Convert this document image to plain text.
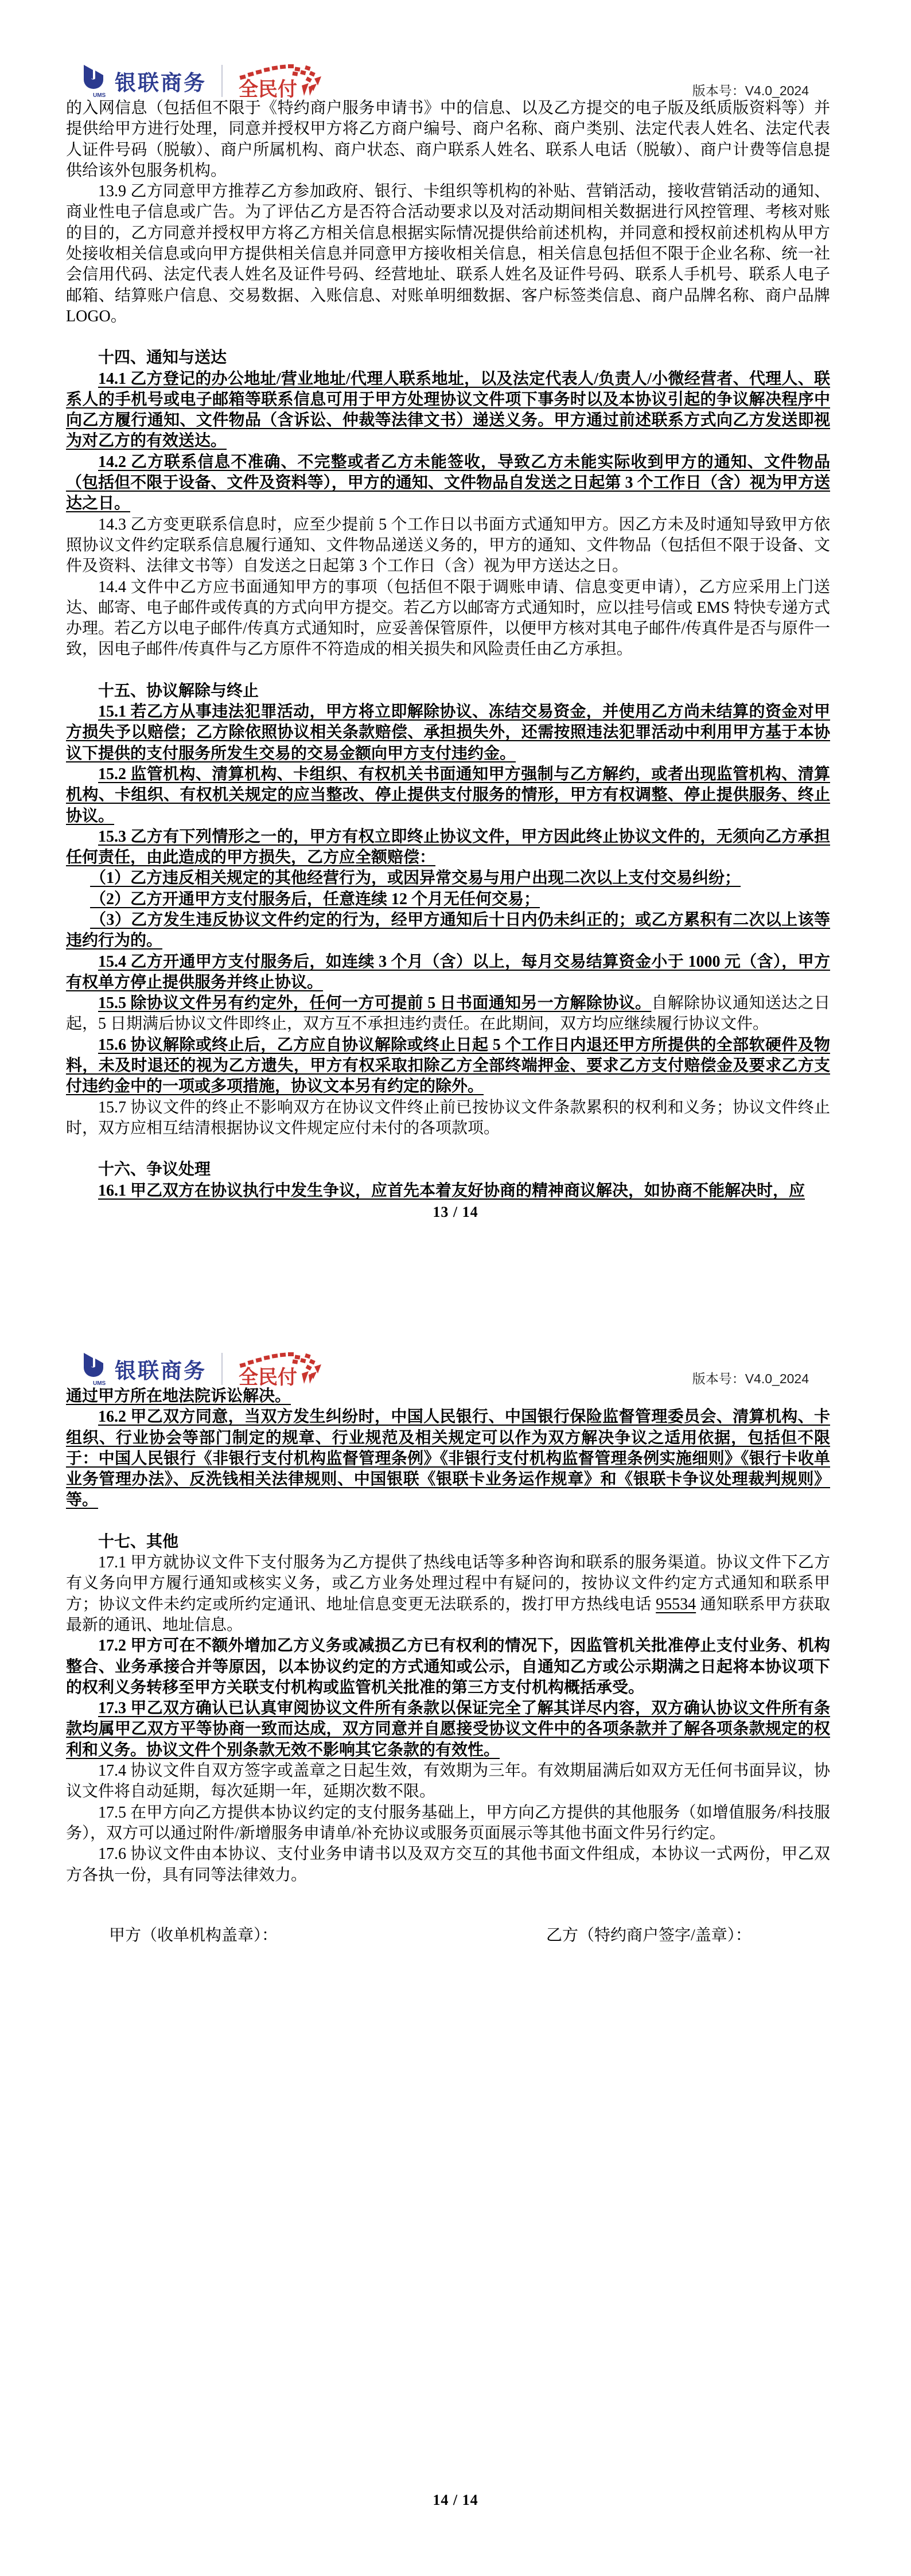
UMS
银联商务 全民付	版本号：V4.0_2024

的入网信息（包括但不限于《特约商户服务申请书》中的信息、以及乙方提交的电子版及纸质版资料等）并提供给甲方进行处理，同意并授权甲方将乙方商户编号、商户名称、商户类别、法定代表人姓名、法定代表人证件号码（脱敏）、商户所属机构、商户状态、商户联系人姓名、联系人电话（脱敏）、商户计费等信息提供给该外包服务机构。

13.9 乙方同意甲方推荐乙方参加政府、银行、卡组织等机构的补贴、营销活动，接收营销活动的通知、商业性电子信息或广告。为了评估乙方是否符合活动要求以及对活动期间相关数据进行风控管理、考核对账的目的，乙方同意并授权甲方将乙方相关信息根据实际情况提供给前述机构，并同意和授权前述机构从甲方处接收相关信息或向甲方提供相关信息并同意甲方接收相关信息，相关信息包括但不限于企业名称、统一社会信用代码、法定代表人姓名及证件号码、经营地址、联系人姓名及证件号码、联系人手机号、联系人电子邮箱、结算账户信息、交易数据、入账信息、对账单明细数据、客户标签类信息、商户品牌名称、商户品牌 LOGO。

十四、通知与送达

14.1 乙方登记的办公地址/营业地址/代理人联系地址，以及法定代表人/负责人/小微经营者、代理人、联系人的手机号或电子邮箱等联系信息可用于甲方处理协议文件项下事务时以及本协议引起的争议解决程序中向乙方履行通知、文件物品（含诉讼、仲裁等法律文书）递送义务。甲方通过前述联系方式向乙方发送即视为对乙方的有效送达。

14.2 乙方联系信息不准确、不完整或者乙方未能签收，导致乙方未能实际收到甲方的通知、文件物品（包括但不限于设备、文件及资料等），甲方的通知、文件物品自发送之日起第 3 个工作日（含）视为甲方送达之日。

14.3 乙方变更联系信息时，应至少提前 5 个工作日以书面方式通知甲方。因乙方未及时通知导致甲方依照协议文件约定联系信息履行通知、文件物品递送义务的，甲方的通知、文件物品（包括但不限于设备、文件及资料、法律文书等）自发送之日起第 3 个工作日（含）视为甲方送达之日。

14.4 文件中乙方应书面通知甲方的事项（包括但不限于调账申请、信息变更申请），乙方应采用上门送达、邮寄、电子邮件或传真的方式向甲方提交。若乙方以邮寄方式通知时，应以挂号信或 EMS 特快专递方式办理。若乙方以电子邮件/传真方式通知时，应妥善保管原件，以便甲方核对其电子邮件/传真件是否与原件一致，因电子邮件/传真件与乙方原件不符造成的相关损失和风险责任由乙方承担。

十五、协议解除与终止

15.1 若乙方从事违法犯罪活动，甲方将立即解除协议、冻结交易资金，并使用乙方尚未结算的资金对甲方损失予以赔偿；乙方除依照协议相关条款赔偿、承担损失外，还需按照违法犯罪活动中利用甲方基于本协议下提供的支付服务所发生交易的交易金额向甲方支付违约金。

15.2 监管机构、清算机构、卡组织、有权机关书面通知甲方强制与乙方解约，或者出现监管机构、清算机构、卡组织、有权机关规定的应当整改、停止提供支付服务的情形，甲方有权调整、停止提供服务、终止协议。

15.3 乙方有下列情形之一的，甲方有权立即终止协议文件，甲方因此终止协议文件的，无须向乙方承担任何责任，由此造成的甲方损失，乙方应全额赔偿：

（1）乙方违反相关规定的其他经营行为，或因异常交易与用户出现二次以上支付交易纠纷；

（2）乙方开通甲方支付服务后，任意连续 12 个月无任何交易；

（3）乙方发生违反协议文件约定的行为，经甲方通知后十日内仍未纠正的；或乙方累积有二次以上该等违约行为的。

15.4 乙方开通甲方支付服务后，如连续 3 个月（含）以上，每月交易结算资金小于 1000 元（含），甲方有权单方停止提供服务并终止协议。

15.5 除协议文件另有约定外，任何一方可提前 5 日书面通知另一方解除协议。自解除协议通知送达之日起，5 日期满后协议文件即终止，双方互不承担违约责任。在此期间，双方均应继续履行协议文件。

15.6 协议解除或终止后，乙方应自协议解除或终止日起 5 个工作日内退还甲方所提供的全部软硬件及物料，未及时退还的视为乙方遗失，甲方有权采取扣除乙方全部终端押金、要求乙方支付赔偿金及要求乙方支付违约金中的一项或多项措施，协议文本另有约定的除外。

15.7 协议文件的终止不影响双方在协议文件终止前已按协议文件条款累积的权利和义务；协议文件终止时，双方应相互结清根据协议文件规定应付未付的各项款项。

十六、争议处理

16.1 甲乙双方在协议执行中发生争议，应首先本着友好协商的精神商议解决，如协商不能解决时，应

13 / 14
UMS
银联商务 全民付	版本号：V4.0_2024

通过甲方所在地法院诉讼解决。

16.2 甲乙双方同意，当双方发生纠纷时，中国人民银行、中国银行保险监督管理委员会、清算机构、卡组织、行业协会等部门制定的规章、行业规范及相关规定可以作为双方解决争议之适用依据，包括但不限于：中国人民银行《非银行支付机构监督管理条例》《非银行支付机构监督管理条例实施细则》《银行卡收单业务管理办法》、反洗钱相关法律规则、中国银联《银联卡业务运作规章》和《银联卡争议处理裁判规则》等。

十七、其他

17.1 甲方就协议文件下支付服务为乙方提供了热线电话等多种咨询和联系的服务渠道。协议文件下乙方有义务向甲方履行通知或核实义务，或乙方业务处理过程中有疑问的，按协议文件约定方式通知和联系甲方；协议文件未约定或所约定通讯、地址信息变更无法联系的，拨打甲方热线电话 95534 通知联系甲方获取最新的通讯、地址信息。

17.2 甲方可在不额外增加乙方义务或减损乙方已有权利的情况下，因监管机关批准停止支付业务、机构整合、业务承接合并等原因，以本协议约定的方式通知或公示，自通知乙方或公示期满之日起将本协议项下的权利义务转移至甲方关联支付机构或监管机关批准的第三方支付机构概括承受。

17.3 甲乙双方确认已认真审阅协议文件所有条款以保证完全了解其详尽内容，双方确认协议文件所有条款均属甲乙双方平等协商一致而达成，双方同意并自愿接受协议文件中的各项条款并了解各项条款规定的权利和义务。协议文件个别条款无效不影响其它条款的有效性。

17.4 协议文件自双方签字或盖章之日起生效，有效期为三年。有效期届满后如双方无任何书面异议，协议文件将自动延期，每次延期一年，延期次数不限。

17.5 在甲方向乙方提供本协议约定的支付服务基础上，甲方向乙方提供的其他服务（如增值服务/科技服务），双方可以通过附件/新增服务申请单/补充协议或服务页面展示等其他书面文件另行约定。

17.6 协议文件由本协议、支付业务申请书以及双方交互的其他书面文件组成，本协议一式两份，甲乙双方各执一份，具有同等法律效力。

甲方（收单机构盖章）：	乙方（特约商户签字/盖章）：
14 / 14
